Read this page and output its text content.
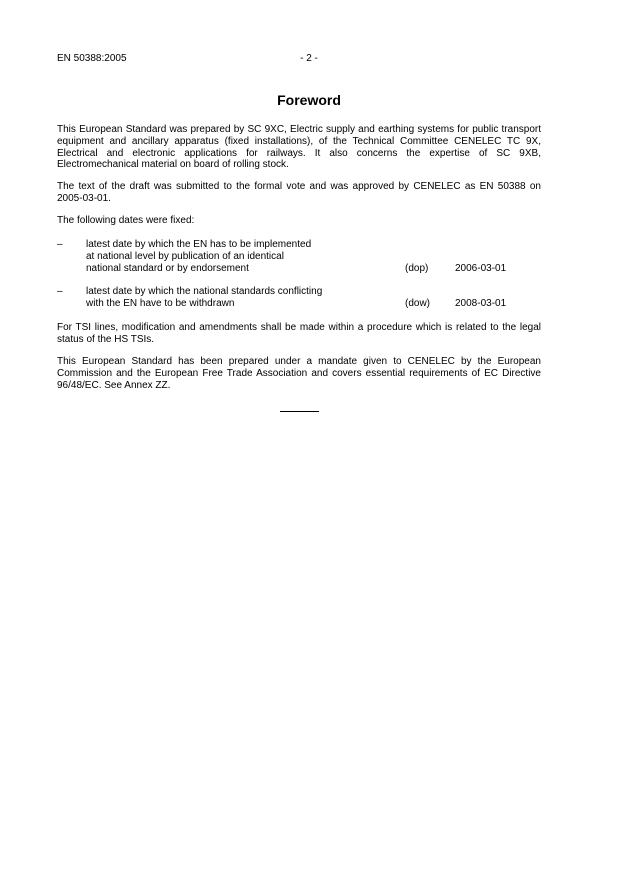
EN 50388:2005	- 2 -
Foreword
This European Standard was prepared by SC 9XC, Electric supply and earthing systems for public transport
equipment and ancillary apparatus (fixed installations), of the Technical Committee CENELEC TC 9X,
Electrical and electronic applications for railways. It also concerns the expertise of SC 9XB,
Electromechanical material on board of rolling stock.
The text of the draft was submitted to the formal vote and was approved by CENELEC as EN 50388 on
2005-03-01.
The following dates were fixed:
– latest date by which the EN has to be implemented
at national level by publication of an identical
national standard or by endorsement	(dop)	2006-03-01
– latest date by which the national standards conflicting
with the EN have to be withdrawn	(dow) 2008-03-01
For TSI lines, modification and amendments shall be made within a procedure which is related to the legal
status of the HS TSIs.
This European Standard has been prepared under a mandate given to CENELEC by the European
Commission and the European Free Trade Association and covers essential requirements of EC Directive
96/48/EC. See Annex ZZ.
